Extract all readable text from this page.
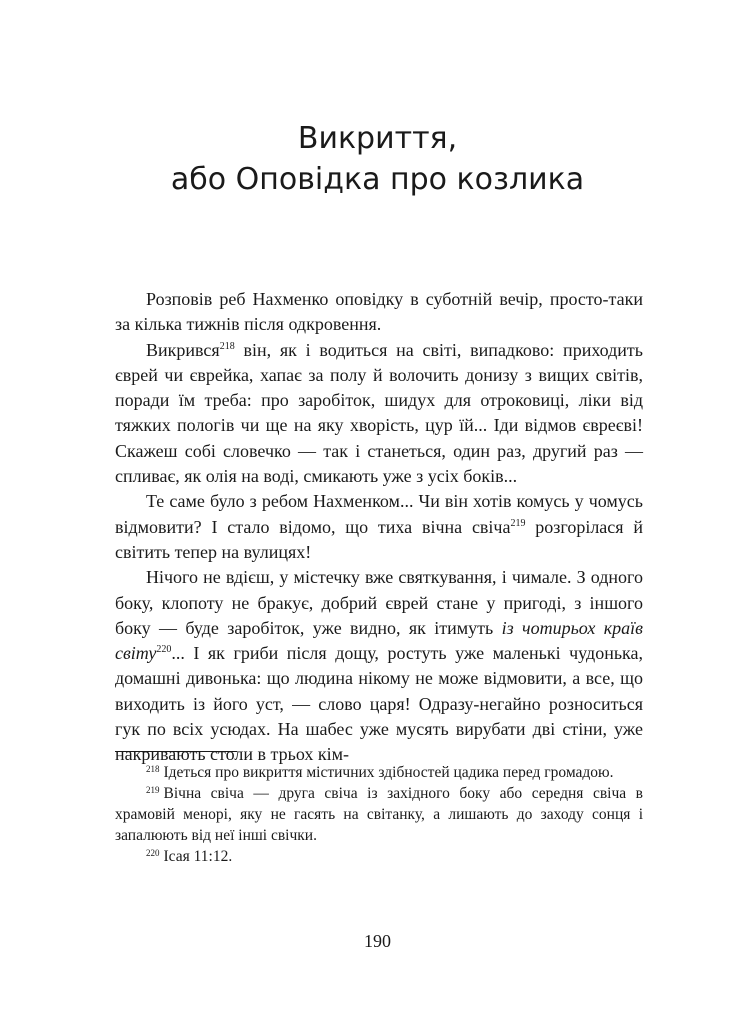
Викриття,
або Оповідка про козлика

Розповів реб Нахменко оповідку в суботній вечір, просто-таки за кілька тижнів після одкровення.

Викрився$^{218}$ він, як і водиться на світі, випадково: приходить єврей чи єврейка, хапає за полу й волочить донизу з вищих світів, поради їм треба: про заробіток, шидух для отроковиці, ліки від тяжких пологів чи ще на яку хворість, цур їй... Іди відмов євреєві! Скажеш собі словечко — так і станеться, один раз, другий раз — спливає, як олія на воді, смикають уже з усіх боків...

Те саме було з ребом Нахменком... Чи він хотів комусь у чомусь відмовити? І стало відомо, що тиха вічна свіча$^{219}$ розгорілася й світить тепер на вулицях!

Нічого не вдієш, у містечку вже святкування, і чимале. З одного боку, клопоту не бракує, добрий єврей стане у пригоді, з іншого боку — буде заробіток, уже видно, як ітимуть із чотирьох країв світу$^{220}$... І як гриби після дощу, ростуть уже маленькі чудонька, домашні дивонька: що людина нікому не може відмовити, а все, що виходить із його уст, — слово царя! Одразу-негайно розноситься гук по всіх усюдах. На шабес уже мусять вирубати дві стіни, уже накривають столи в трьох кім-

$^{218}$ Ідеться про викриття містичних здібностей цадика перед громадою.

$^{219}$ Вічна свіча — друга свіча із західного боку або середня свіча в храмовій менорі, яку не гасять на світанку, а лишають до заходу сонця і запалюють від неї інші свічки.

$^{220}$ Ісая 11:12.

190
